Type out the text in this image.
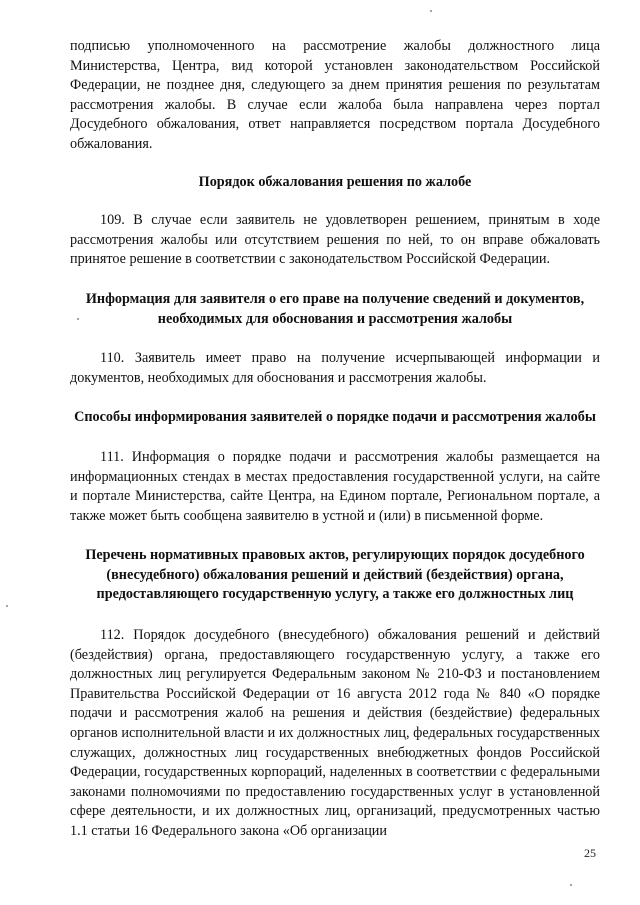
подписью уполномоченного на рассмотрение жалобы должностного лица Министерства, Центра, вид которой установлен законодательством Российской Федерации, не позднее дня, следующего за днем принятия решения по результатам рассмотрения жалобы. В случае если жалоба была направлена через портал Досудебного обжалования, ответ направляется посредством портала Досудебного обжалования.

Порядок обжалования решения по жалобе

109. В случае если заявитель не удовлетворен решением, принятым в ходе рассмотрения жалобы или отсутствием решения по ней, то он вправе обжаловать принятое решение в соответствии с законодательством Российской Федерации.

Информация для заявителя о его праве на получение сведений и документов, необходимых для обоснования и рассмотрения жалобы

110. Заявитель имеет право на получение исчерпывающей информации и документов, необходимых для обоснования и рассмотрения жалобы.

Способы информирования заявителей о порядке подачи и рассмотрения жалобы

111. Информация о порядке подачи и рассмотрения жалобы размещается на информационных стендах в местах предоставления государственной услуги, на сайте и портале Министерства, сайте Центра, на Едином портале, Региональном портале, а также может быть сообщена заявителю в устной и (или) в письменной форме.

Перечень нормативных правовых актов, регулирующих порядок досудебного (внесудебного) обжалования решений и действий (бездействия) органа, предоставляющего государственную услугу, а также его должностных лиц

112. Порядок досудебного (внесудебного) обжалования решений и действий (бездействия) органа, предоставляющего государственную услугу, а также его должностных лиц регулируется Федеральным законом № 210-ФЗ и постановлением Правительства Российской Федерации от 16 августа 2012 года № 840 «О порядке подачи и рассмотрения жалоб на решения и действия (бездействие) федеральных органов исполнительной власти и их должностных лиц, федеральных государственных служащих, должностных лиц государственных внебюджетных фондов Российской Федерации, государственных корпораций, наделенных в соответствии с федеральными законами полномочиями по предоставлению государственных услуг в установленной сфере деятельности, и их должностных лиц, организаций, предусмотренных частью 1.1 статьи 16 Федерального закона «Об организации

25
